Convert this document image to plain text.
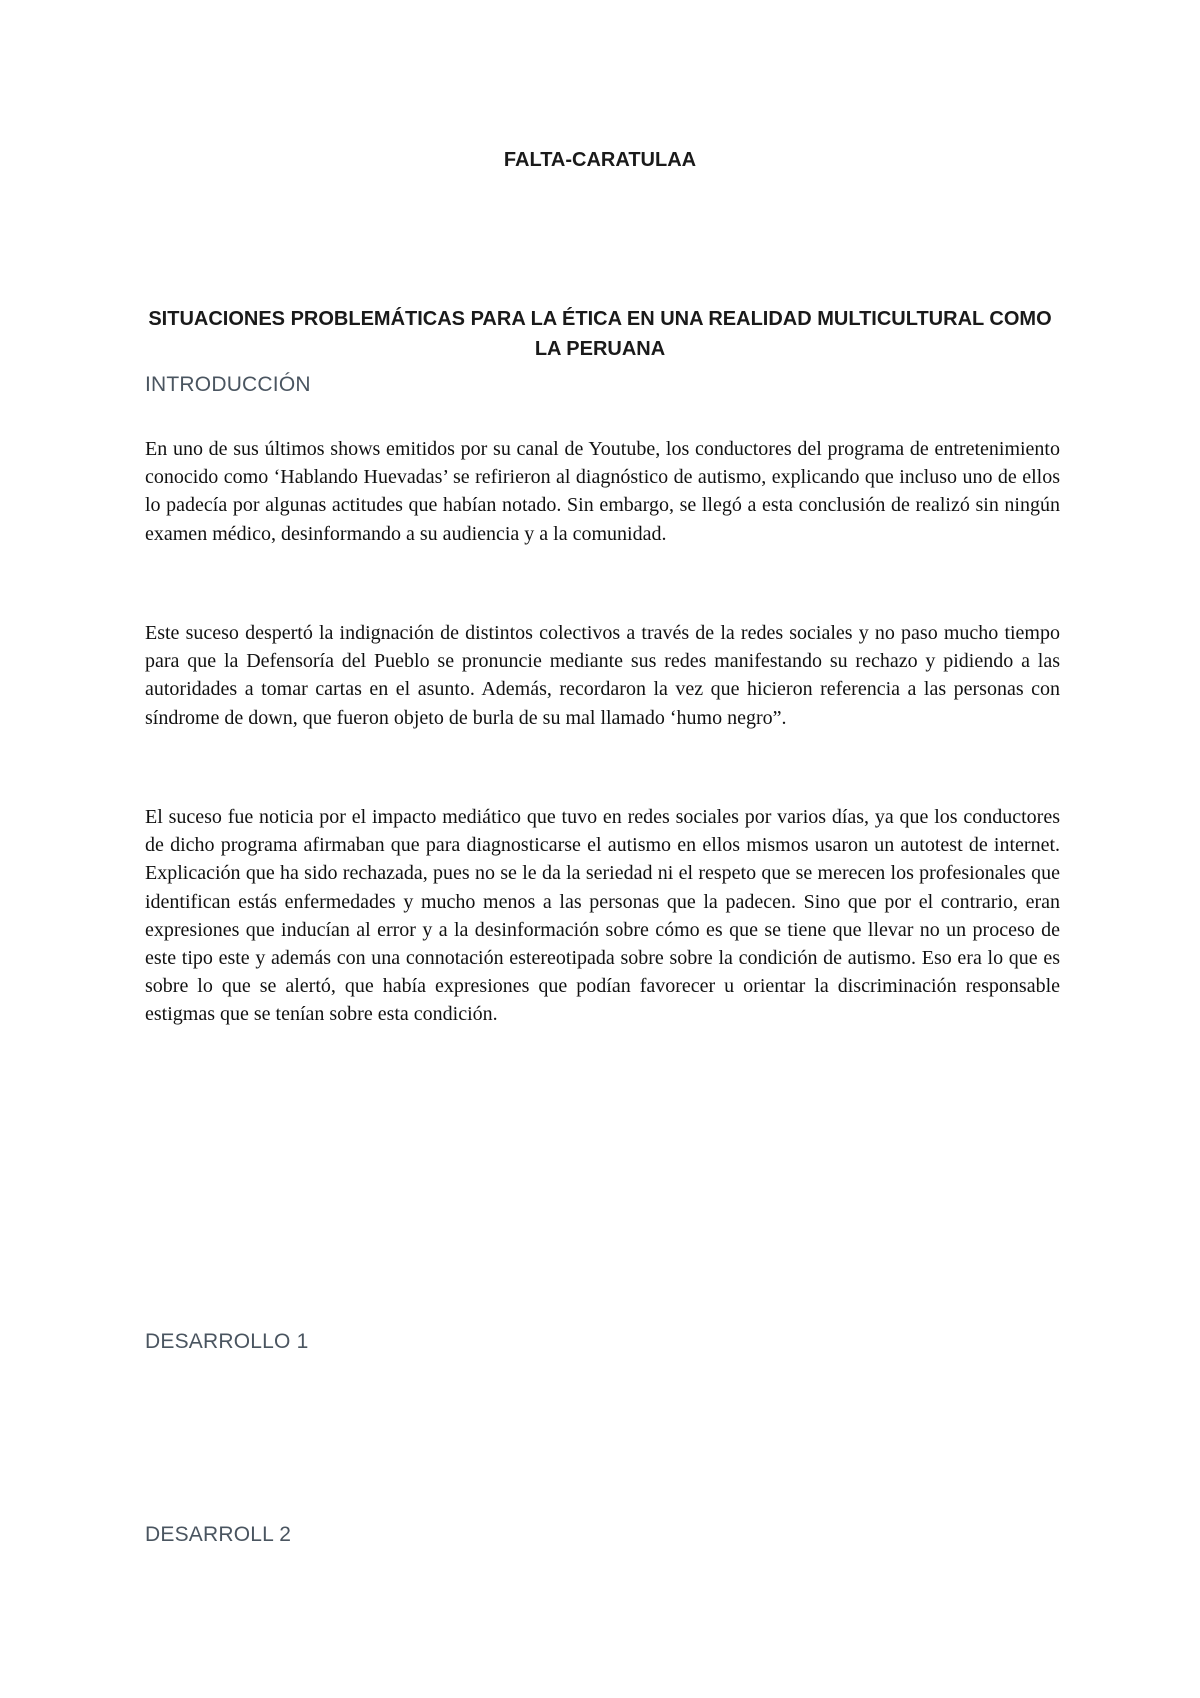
FALTA-CARATULAA
SITUACIONES PROBLEMÁTICAS PARA LA ÉTICA EN UNA REALIDAD MULTICULTURAL COMO LA PERUANA
INTRODUCCIÓN

En uno de sus últimos shows emitidos por su canal de Youtube, los conductores del programa de entretenimiento conocido como ‘Hablando Huevadas’ se refirieron al diagnóstico de autismo, explicando que incluso uno de ellos lo padecía por algunas actitudes que habían notado. Sin embargo, se llegó a esta conclusión de realizó sin ningún examen médico, desinformando a su audiencia y a la comunidad.

Este suceso despertó la indignación de distintos colectivos a través de la redes sociales y no paso mucho tiempo para que la Defensoría del Pueblo se pronuncie mediante sus redes manifestando su rechazo y pidiendo a las autoridades a tomar cartas en el asunto. Además, recordaron la vez que hicieron referencia a las personas con síndrome de down, que fueron objeto de burla de su mal llamado ‘humo negro”.

El suceso fue noticia por el impacto mediático que tuvo en redes sociales por varios días, ya que los conductores de dicho programa afirmaban que para diagnosticarse el autismo en ellos mismos usaron un autotest de internet. Explicación que ha sido rechazada, pues no se le da la seriedad ni el respeto que se merecen los profesionales que identifican estás enfermedades y mucho menos a las personas que la padecen. Sino que por el contrario, eran expresiones que inducían al error y a la desinformación sobre cómo es que se tiene que llevar no un proceso de este tipo este y además con una connotación estereotipada sobre sobre la condición de autismo. Eso era lo que es sobre lo que se alertó, que había expresiones que podían favorecer u orientar la discriminación responsable estigmas que se tenían sobre esta condición.

DESARROLLO 1
DESARROLL 2
